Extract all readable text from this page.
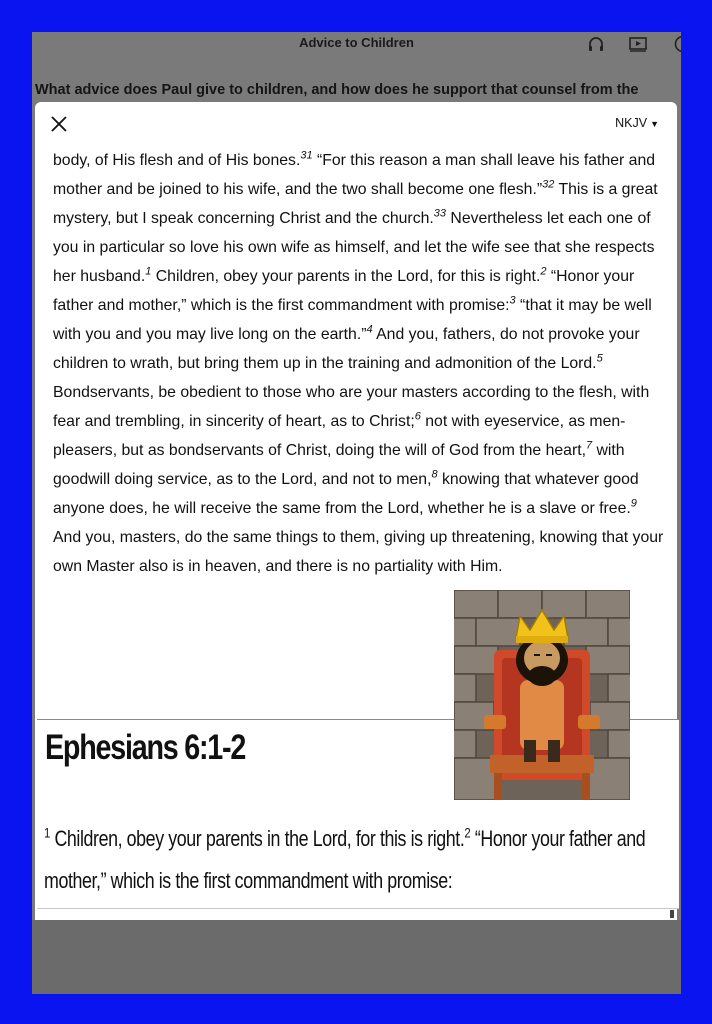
Advice to Children
What advice does Paul give to children, and how does he support that counsel from the
NKJV ▼
body, of His flesh and of His bones.$^{31}$ “For this reason a man shall leave his father and mother and be joined to his wife, and the two shall become one flesh.”$^{32}$ This is a great mystery, but I speak concerning Christ and the church.$^{33}$ Nevertheless let each one of you in particular so love his own wife as himself, and let the wife see that she respects her husband.$^1$ Children, obey your parents in the Lord, for this is right.$^2$ “Honor your father and mother,” which is the first commandment with promise:$^3$ “that it may be well with you and you may live long on the earth.”$^4$ And you, fathers, do not provoke your children to wrath, but bring them up in the training and admonition of the Lord.$^5$ Bondservants, be obedient to those who are your masters according to the flesh, with fear and trembling, in sincerity of heart, as to Christ;$^6$ not with eyeservice, as men-pleasers, but as bondservants of Christ, doing the will of God from the heart,$^7$ with goodwill doing service, as to the Lord, and not to men,$^8$ knowing that whatever good anyone does, he will receive the same from the Lord, whether he is a slave or free.$^9$ And you, masters, do the same things to them, giving up threatening, knowing that your own Master also is in heaven, and there is no partiality with Him.
Ephesians 6:1-2
$^1$ Children, obey your parents in the Lord, for this is right.$^2$ “Honor your father and mother,” which is the first commandment with promise:
